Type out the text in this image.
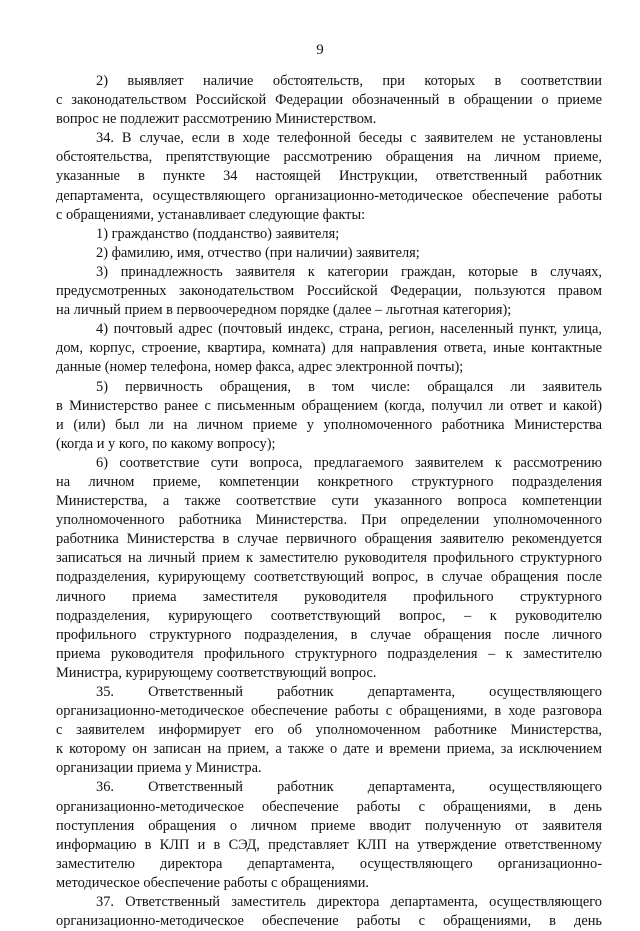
9
2) выявляет наличие обстоятельств, при которых в соответствии
с законодательством Российской Федерации обозначенный в обращении о приеме
вопрос не подлежит рассмотрению Министерством.
34. В случае, если в ходе телефонной беседы с заявителем не установлены
обстоятельства, препятствующие рассмотрению обращения на личном приеме,
указанные в пункте 34 настоящей Инструкции, ответственный работник
департамента, осуществляющего организационно-методическое обеспечение работы
с обращениями, устанавливает следующие факты:
1) гражданство (подданство) заявителя;
2) фамилию, имя, отчество (при наличии) заявителя;
3) принадлежность заявителя к категории граждан, которые в случаях,
предусмотренных законодательством Российской Федерации, пользуются правом
на личный прием в первоочередном порядке (далее – льготная категория);
4) почтовый адрес (почтовый индекс, страна, регион, населенный пункт, улица,
дом, корпус, строение, квартира, комната) для направления ответа, иные контактные
данные (номер телефона, номер факса, адрес электронной почты);
5) первичность обращения, в том числе: обращался ли заявитель
в Министерство ранее с письменным обращением (когда, получил ли ответ и какой)
и (или) был ли на личном приеме у уполномоченного работника Министерства
(когда и у кого, по какому вопросу);
6) соответствие сути вопроса, предлагаемого заявителем к рассмотрению
на личном приеме, компетенции конкретного структурного подразделения
Министерства, а также соответствие сути указанного вопроса компетенции
уполномоченного работника Министерства. При определении уполномоченного
работника Министерства в случае первичного обращения заявителю рекомендуется
записаться на личный прием к заместителю руководителя профильного структурного
подразделения, курирующему соответствующий вопрос, в случае обращения после
личного приема заместителя руководителя профильного структурного
подразделения, курирующего соответствующий вопрос, – к руководителю
профильного структурного подразделения, в случае обращения после личного
приема руководителя профильного структурного подразделения – к заместителю
Министра, курирующему соответствующий вопрос.
35. Ответственный работник департамента, осуществляющего
организационно-методическое обеспечение работы с обращениями, в ходе разговора
с заявителем информирует его об уполномоченном работнике Министерства,
к которому он записан на прием, а также о дате и времени приема, за исключением
организации приема у Министра.
36. Ответственный работник департамента, осуществляющего
организационно-методическое обеспечение работы с обращениями, в день
поступления обращения о личном приеме вводит полученную от заявителя
информацию в КЛП и в СЭД, представляет КЛП на утверждение ответственному
заместителю директора департамента, осуществляющего организационно-
методическое обеспечение работы с обращениями.
37. Ответственный заместитель директора департамента, осуществляющего
организационно-методическое обеспечение работы с обращениями, в день
